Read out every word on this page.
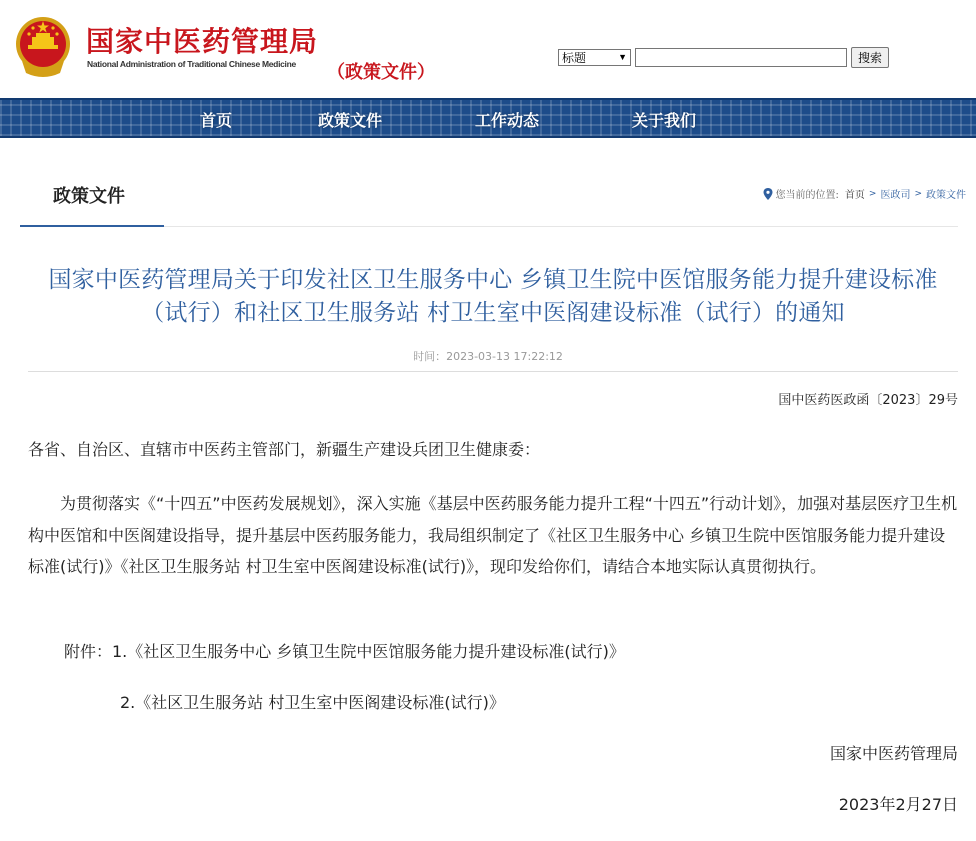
国家中医药管理局
National Administration of Traditional Chinese Medicine （政策文件）
标题	▼	搜索
首页	政策文件	工作动态	关于我们
政策文件	您当前的位置: 首页 > 医政司 > 政策文件
国家中医药管理局关于印发社区卫生服务中心 乡镇卫生院中医馆服务能力提升建设标准（试行）和社区卫生服务站 村卫生室中医阁建设标准（试行）的通知
时间：2023-03-13 17:22:12
国中医药医政函〔2023〕29号
各省、自治区、直辖市中医药主管部门，新疆生产建设兵团卫生健康委：
为贯彻落实《“十四五”中医药发展规划》，深入实施《基层中医药服务能力提升工程“十四五”行动计划》，加强对基层医疗卫生机构中医馆和中医阁建设指导，提升基层中医药服务能力，我局组织制定了《社区卫生服务中心 乡镇卫生院中医馆服务能力提升建设标准(试行)》《社区卫生服务站 村卫生室中医阁建设标准(试行)》，现印发给你们，请结合本地实际认真贯彻执行。
附件：1.《社区卫生服务中心 乡镇卫生院中医馆服务能力提升建设标准(试行)》
2.《社区卫生服务站 村卫生室中医阁建设标准(试行)》
国家中医药管理局
2023年2月27日
